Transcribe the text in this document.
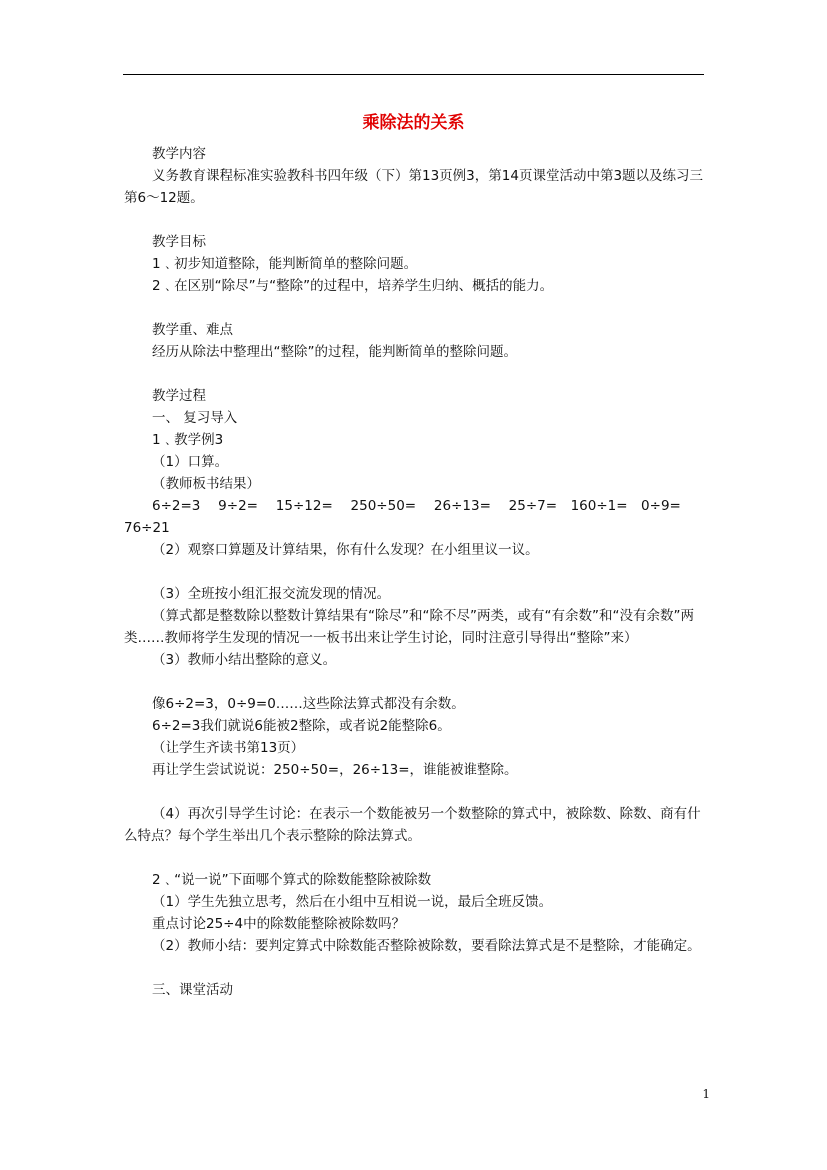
乘除法的关系

教学内容

义务教育课程标准实验教科书四年级（下）第13页例3，第14页课堂活动中第3题以及练习三第6～12题。

教学目标

1﹑初步知道整除，能判断简单的整除问题。

2﹑在区别“除尽”与“整除”的过程中，培养学生归纳、概括的能力。

教学重、难点

经历从除法中整理出“整除”的过程，能判断简单的整除问题。

教学过程

一、 复习导入

1﹑教学例3

（1）口算。

（教师板书结果）

6÷2=3　 9÷2=　 15÷12=　 250÷50=　 26÷13=　 25÷7=　160÷1=　0÷9=　 76÷21

（2）观察口算题及计算结果，你有什么发现？在小组里议一议。

（3）全班按小组汇报交流发现的情况。

（算式都是整数除以整数计算结果有“除尽”和“除不尽”两类，或有“有余数”和“没有余数”两类……教师将学生发现的情况一一板书出来让学生讨论，同时注意引导得出“整除”来）

（3）教师小结出整除的意义。

像6÷2=3，0÷9=0……这些除法算式都没有余数。

6÷2=3我们就说6能被2整除，或者说2能整除6。

（让学生齐读书第13页）

再让学生尝试说说：250÷50=，26÷13=，谁能被谁整除。

（4）再次引导学生讨论：在表示一个数能被另一个数整除的算式中，被除数、除数、商有什么特点？每个学生举出几个表示整除的除法算式。

2﹑“说一说”下面哪个算式的除数能整除被除数

（1）学生先独立思考，然后在小组中互相说一说，最后全班反馈。

重点讨论25÷4中的除数能整除被除数吗？

（2）教师小结：要判定算式中除数能否整除被除数，要看除法算式是不是整除，才能确定。

三、课堂活动

1
